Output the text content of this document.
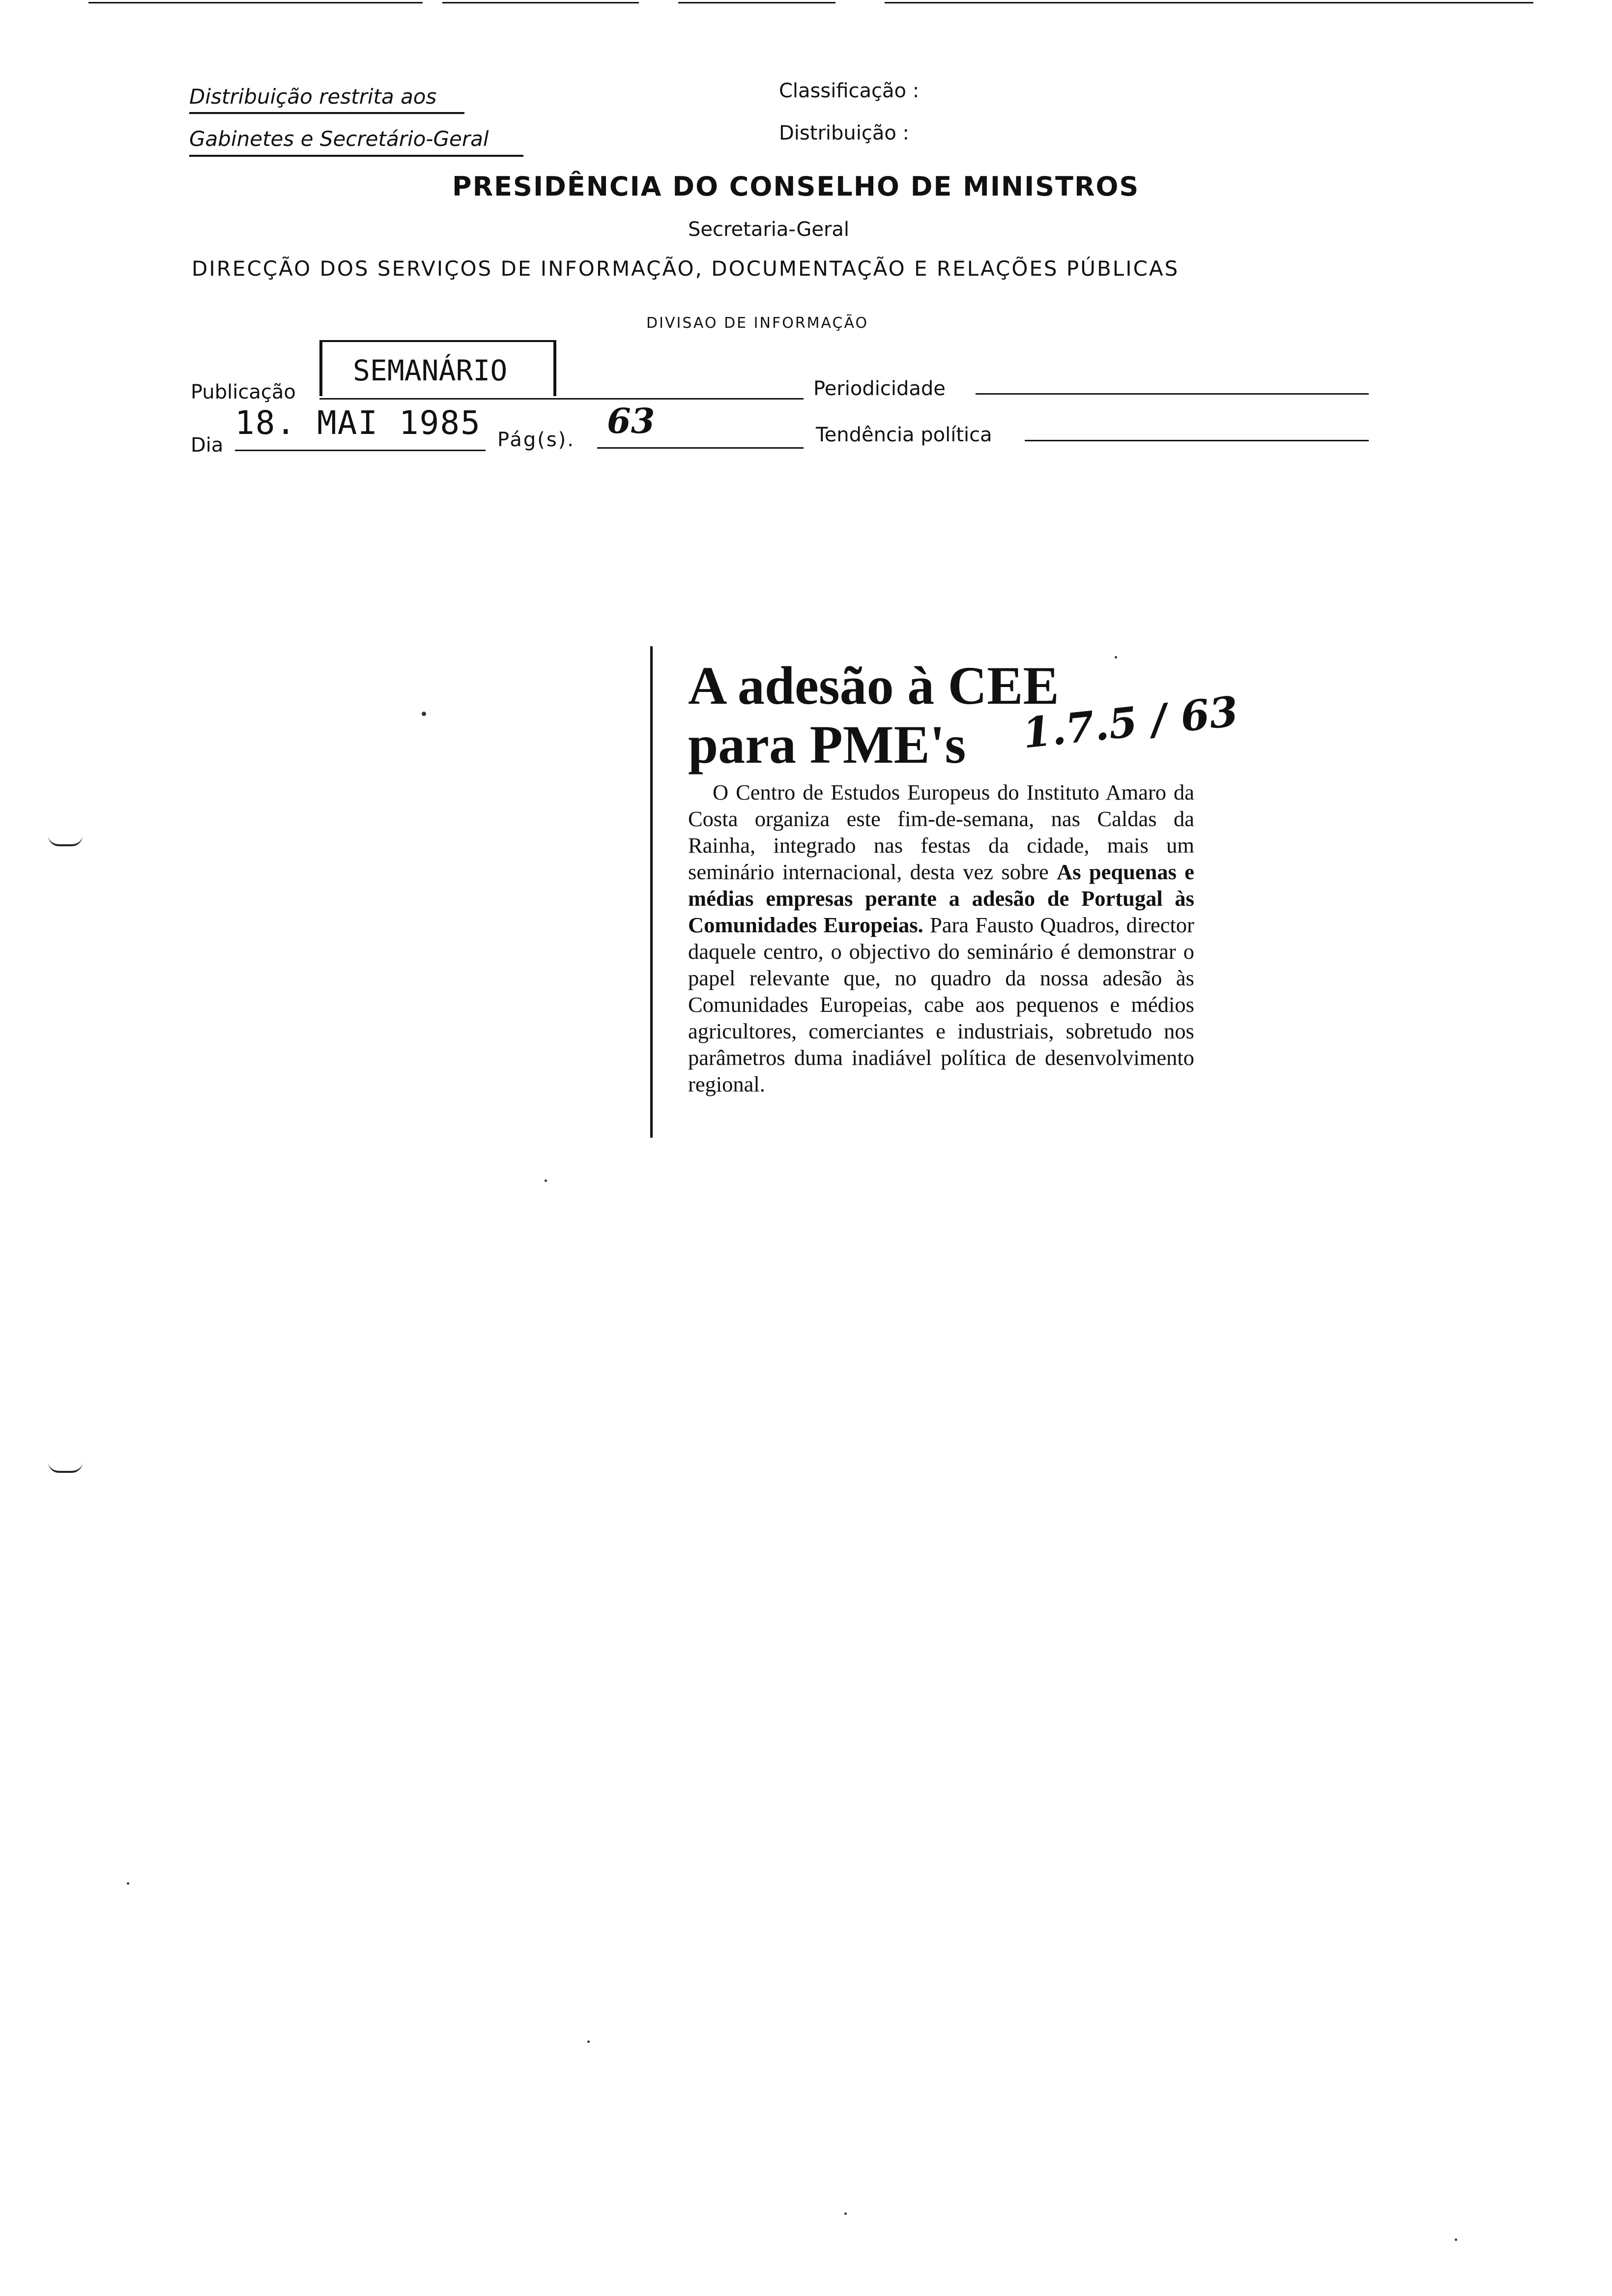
Distribuição restrita aos
Gabinetes e Secretário-Geral
Classificação :
Distribuição :
PRESIDÊNCIA DO CONSELHO DE MINISTROS
Secretaria-Geral
DIRECÇÃO DOS SERVIÇOS DE INFORMAÇÃO, DOCUMENTAÇÃO E RELAÇÕES PÚBLICAS
DIVISAO DE INFORMAÇÃO
Publicação
SEMANÁRIO
Periodicidade
Dia
18. MAI 1985 Pág(s). 63	Tendência política
A adesão à CEE
para PME's 1.7.5 / 63
O Centro de Estudos Europeus do Instituto Amaro da Costa organiza este fim-de-semana, nas Caldas da Rainha, integrado nas festas da cidade, mais um seminário internacional, desta vez sobre As pequenas e médias empresas perante a adesão de Portugal às Comunidades Europeias. Para Fausto Quadros, director daquele centro, o objectivo do seminário é demonstrar o papel relevante que, no quadro da nossa adesão às Comunidades Europeias, cabe aos pequenos e médios agricultores, comerciantes e industriais, sobretudo nos parâmetros duma inadiável política de desenvolvimento regional.
